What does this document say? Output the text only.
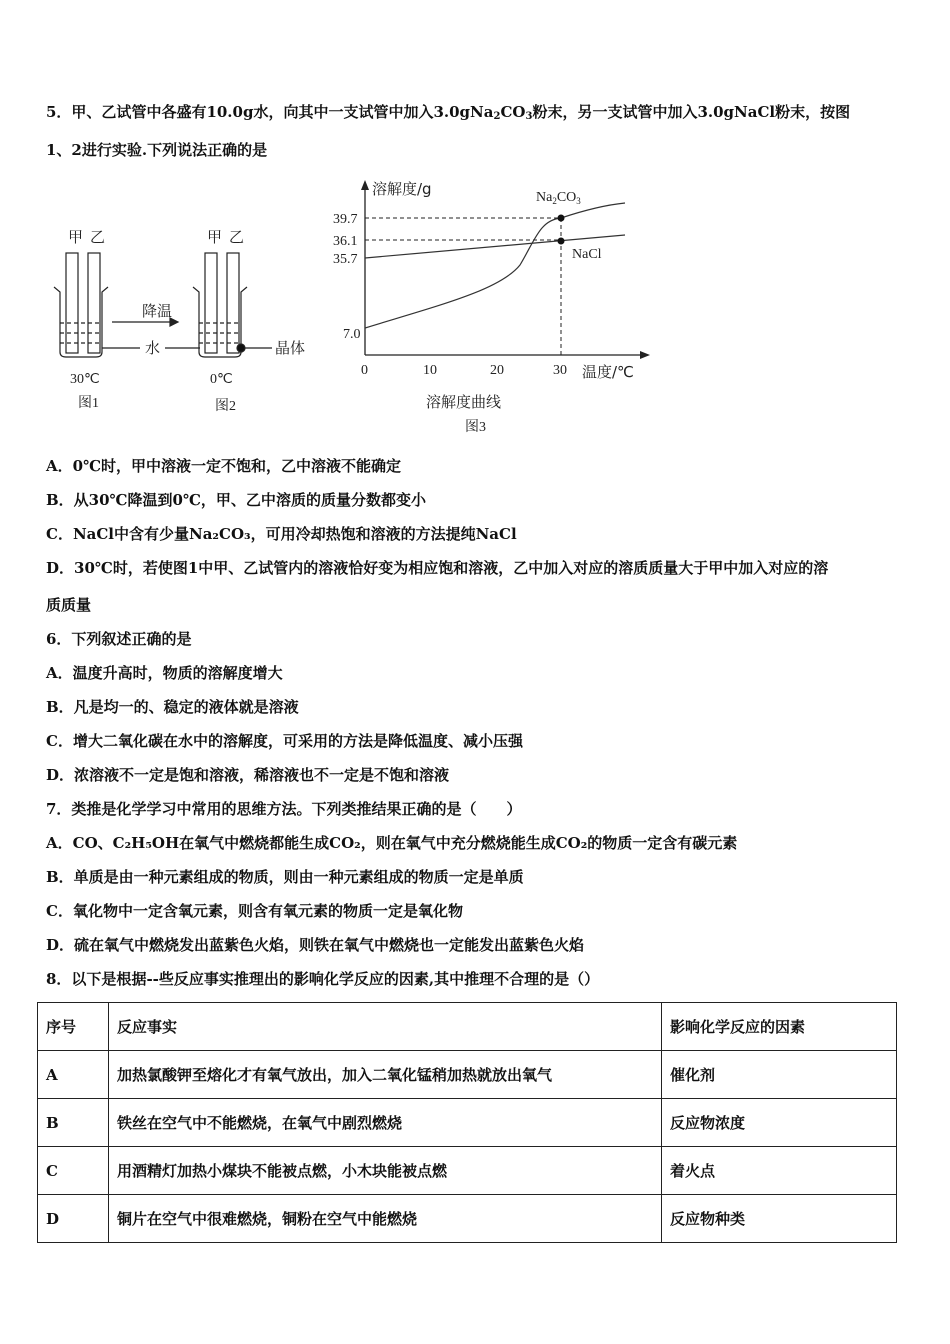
5．甲、乙试管中各盛有10.0g水，向其中一支试管中加入$3.0gNa_2CO_3$粉末，另一支试管中加入3.0gNaCl粉末，按图
1、2进行实验.下列说法正确的是
甲 乙	甲 乙
降温
水	晶体
30℃	0℃
图1	图2
溶解度/g
39.7
36.1
35.7
7.0
0	10	20	30 温度/℃
$Na_2CO_3$
NaCl
溶解度曲线
图3
A．0℃时，甲中溶液一定不饱和，乙中溶液不能确定
B．从30℃降温到0℃，甲、乙中溶质的质量分数都变小
C．NaCl中含有少量Na₂CO₃，可用冷却热饱和溶液的方法提纯NaCl
D．30℃时，若使图1中甲、乙试管内的溶液恰好变为相应饱和溶液，乙中加入对应的溶质质量大于甲中加入对应的溶
质质量
6．下列叙述正确的是
A．温度升高时，物质的溶解度增大
B．凡是均一的、稳定的液体就是溶液
C．增大二氧化碳在水中的溶解度，可采用的方法是降低温度、减小压强
D．浓溶液不一定是饱和溶液，稀溶液也不一定是不饱和溶液
7．类推是化学学习中常用的思维方法。下列类推结果正确的是（　　）
A．CO、C₂H₅OH在氧气中燃烧都能生成CO₂，则在氧气中充分燃烧能生成CO₂的物质一定含有碳元素
B．单质是由一种元素组成的物质，则由一种元素组成的物质一定是单质
C．氧化物中一定含氧元素，则含有氧元素的物质一定是氧化物
D．硫在氧气中燃烧发出蓝紫色火焰，则铁在氧气中燃烧也一定能发出蓝紫色火焰
8．以下是根据--些反应事实推理出的影响化学反应的因素,其中推理不合理的是（）
序号	反应事实	影响化学反应的因素
A	加热氯酸钾至熔化才有氧气放出，加入二氧化锰稍加热就放出氧气	催化剂
B	铁丝在空气中不能燃烧，在氧气中剧烈燃烧	反应物浓度
C	用酒精灯加热小煤块不能被点燃，小木块能被点燃	着火点
D	铜片在空气中很难燃烧，铜粉在空气中能燃烧	反应物种类
